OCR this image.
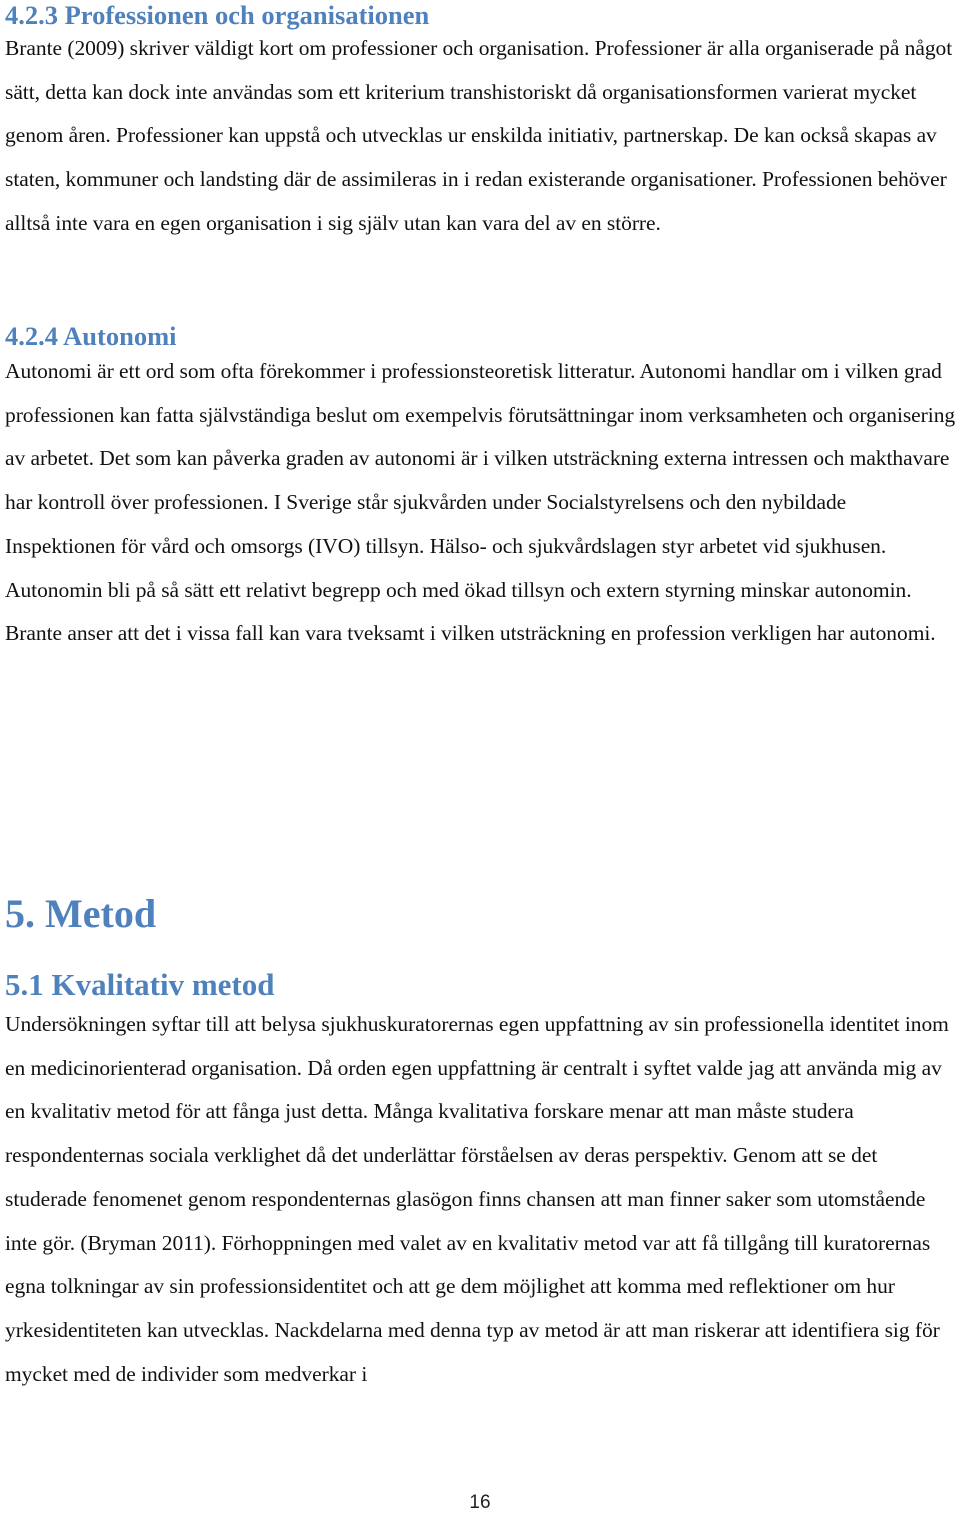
4.2.3 Professionen och organisationen

Brante (2009) skriver väldigt kort om professioner och organisation. Professioner är alla organiserade på något sätt, detta kan dock inte användas som ett kriterium transhistoriskt då organisationsformen varierat mycket genom åren. Professioner kan uppstå och utvecklas ur enskilda initiativ, partnerskap. De kan också skapas av staten, kommuner och landsting där de assimileras in i redan existerande organisationer. Professionen behöver alltså inte vara en egen organisation i sig själv utan kan vara del av en större.

4.2.4 Autonomi

Autonomi är ett ord som ofta förekommer i professionsteoretisk litteratur. Autonomi handlar om i vilken grad professionen kan fatta självständiga beslut om exempelvis förutsättningar inom verksamheten och organisering av arbetet. Det som kan påverka graden av autonomi är i vilken utsträckning externa intressen och makthavare har kontroll över professionen. I Sverige står sjukvården under Socialstyrelsens och den nybildade Inspektionen för vård och omsorgs (IVO) tillsyn. Hälso- och sjukvårdslagen styr arbetet vid sjukhusen. Autonomin bli på så sätt ett relativt begrepp och med ökad tillsyn och extern styrning minskar autonomin. Brante anser att det i vissa fall kan vara tveksamt i vilken utsträckning en profession verkligen har autonomi.

5. Metod
5.1 Kvalitativ metod

Undersökningen syftar till att belysa sjukhuskuratorernas egen uppfattning av sin professionella identitet inom en medicinorienterad organisation. Då orden egen uppfattning är centralt i syftet valde jag att använda mig av en kvalitativ metod för att fånga just detta. Många kvalitativa forskare menar att man måste studera respondenternas sociala verklighet då det underlättar förståelsen av deras perspektiv. Genom att se det studerade fenomenet genom respondenternas glasögon finns chansen att man finner saker som utomstående inte gör. (Bryman 2011). Förhoppningen med valet av en kvalitativ metod var att få tillgång till kuratorernas egna tolkningar av sin professionsidentitet och att ge dem möjlighet att komma med reflektioner om hur yrkesidentiteten kan utvecklas. Nackdelarna med denna typ av metod är att man riskerar att identifiera sig för mycket med de individer som medverkar i

16
